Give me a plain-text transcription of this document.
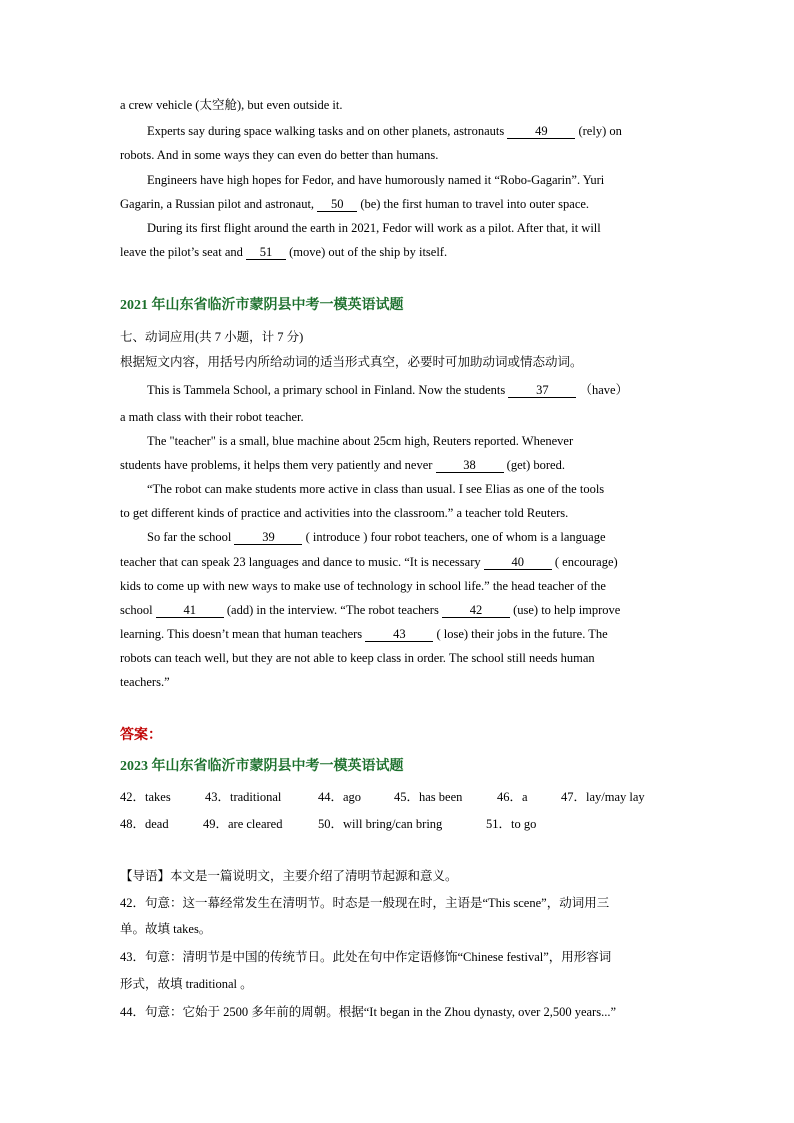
a crew vehicle (太空舱), but even outside it.
Experts say during space walking tasks and on other planets, astronauts 49 (rely) on
robots. And in some ways they can even do better than humans.
Engineers have high hopes for Fedor, and have humorously named it “Robo-Gagarin”. Yuri
Gagarin, a Russian pilot and astronaut, 50 (be) the first human to travel into outer space.
During its first flight around the earth in 2021, Fedor will work as a pilot. After that, it will
leave the pilot’s seat and 51 (move) out of the ship by itself.
2021 年山东省临沂市蒙阴县中考一模英语试题
七、动词应用(共 7 小题，计 7 分)
根据短文内容，用括号内所给动词的适当形式真空，必要时可加助动词或情态动词。
This is Tammela School, a primary school in Finland. Now the students 37 （have）
a math class with their robot teacher.
The "teacher" is a small, blue machine about 25cm high, Reuters reported. Whenever
students have problems, it helps them very patiently and never 38 (get) bored.
“The robot can make students more active in class than usual. I see Elias as one of the tools
to get different kinds of practice and activities into the classroom.” a teacher told Reuters.
So far the school 39 ( introduce ) four robot teachers, one of whom is a language
teacher that can speak 23 languages and dance to music. “It is necessary 40 ( encourage)
kids to come up with new ways to make use of technology in school life.” the head teacher of the
school 41 (add) in the interview. “The robot teachers 42 (use) to help improve
learning. This doesn’t mean that human teachers 43 ( lose) their jobs in the future. The
robots can teach well, but they are not able to keep class in order. The school still needs human
teachers.”
答案：
2023 年山东省临沂市蒙阴县中考一模英语试题
42．takes	43．traditional	44．ago	45．has been	46．a	47．lay/may lay
48．dead	49．are cleared	50．will bring/can bring	51．to go
【导语】本文是一篇说明文，主要介绍了清明节起源和意义。
42．句意：这一幕经常发生在清明节。时态是一般现在时，主语是“This scene”，动词用三
单。故填 takes。
43．句意：清明节是中国的传统节日。此处在句中作定语修饰“Chinese festival”，用形容词
形式，故填 traditional 。
44．句意：它始于 2500 多年前的周朝。根据“It began in the Zhou dynasty, over 2,500 years...”
